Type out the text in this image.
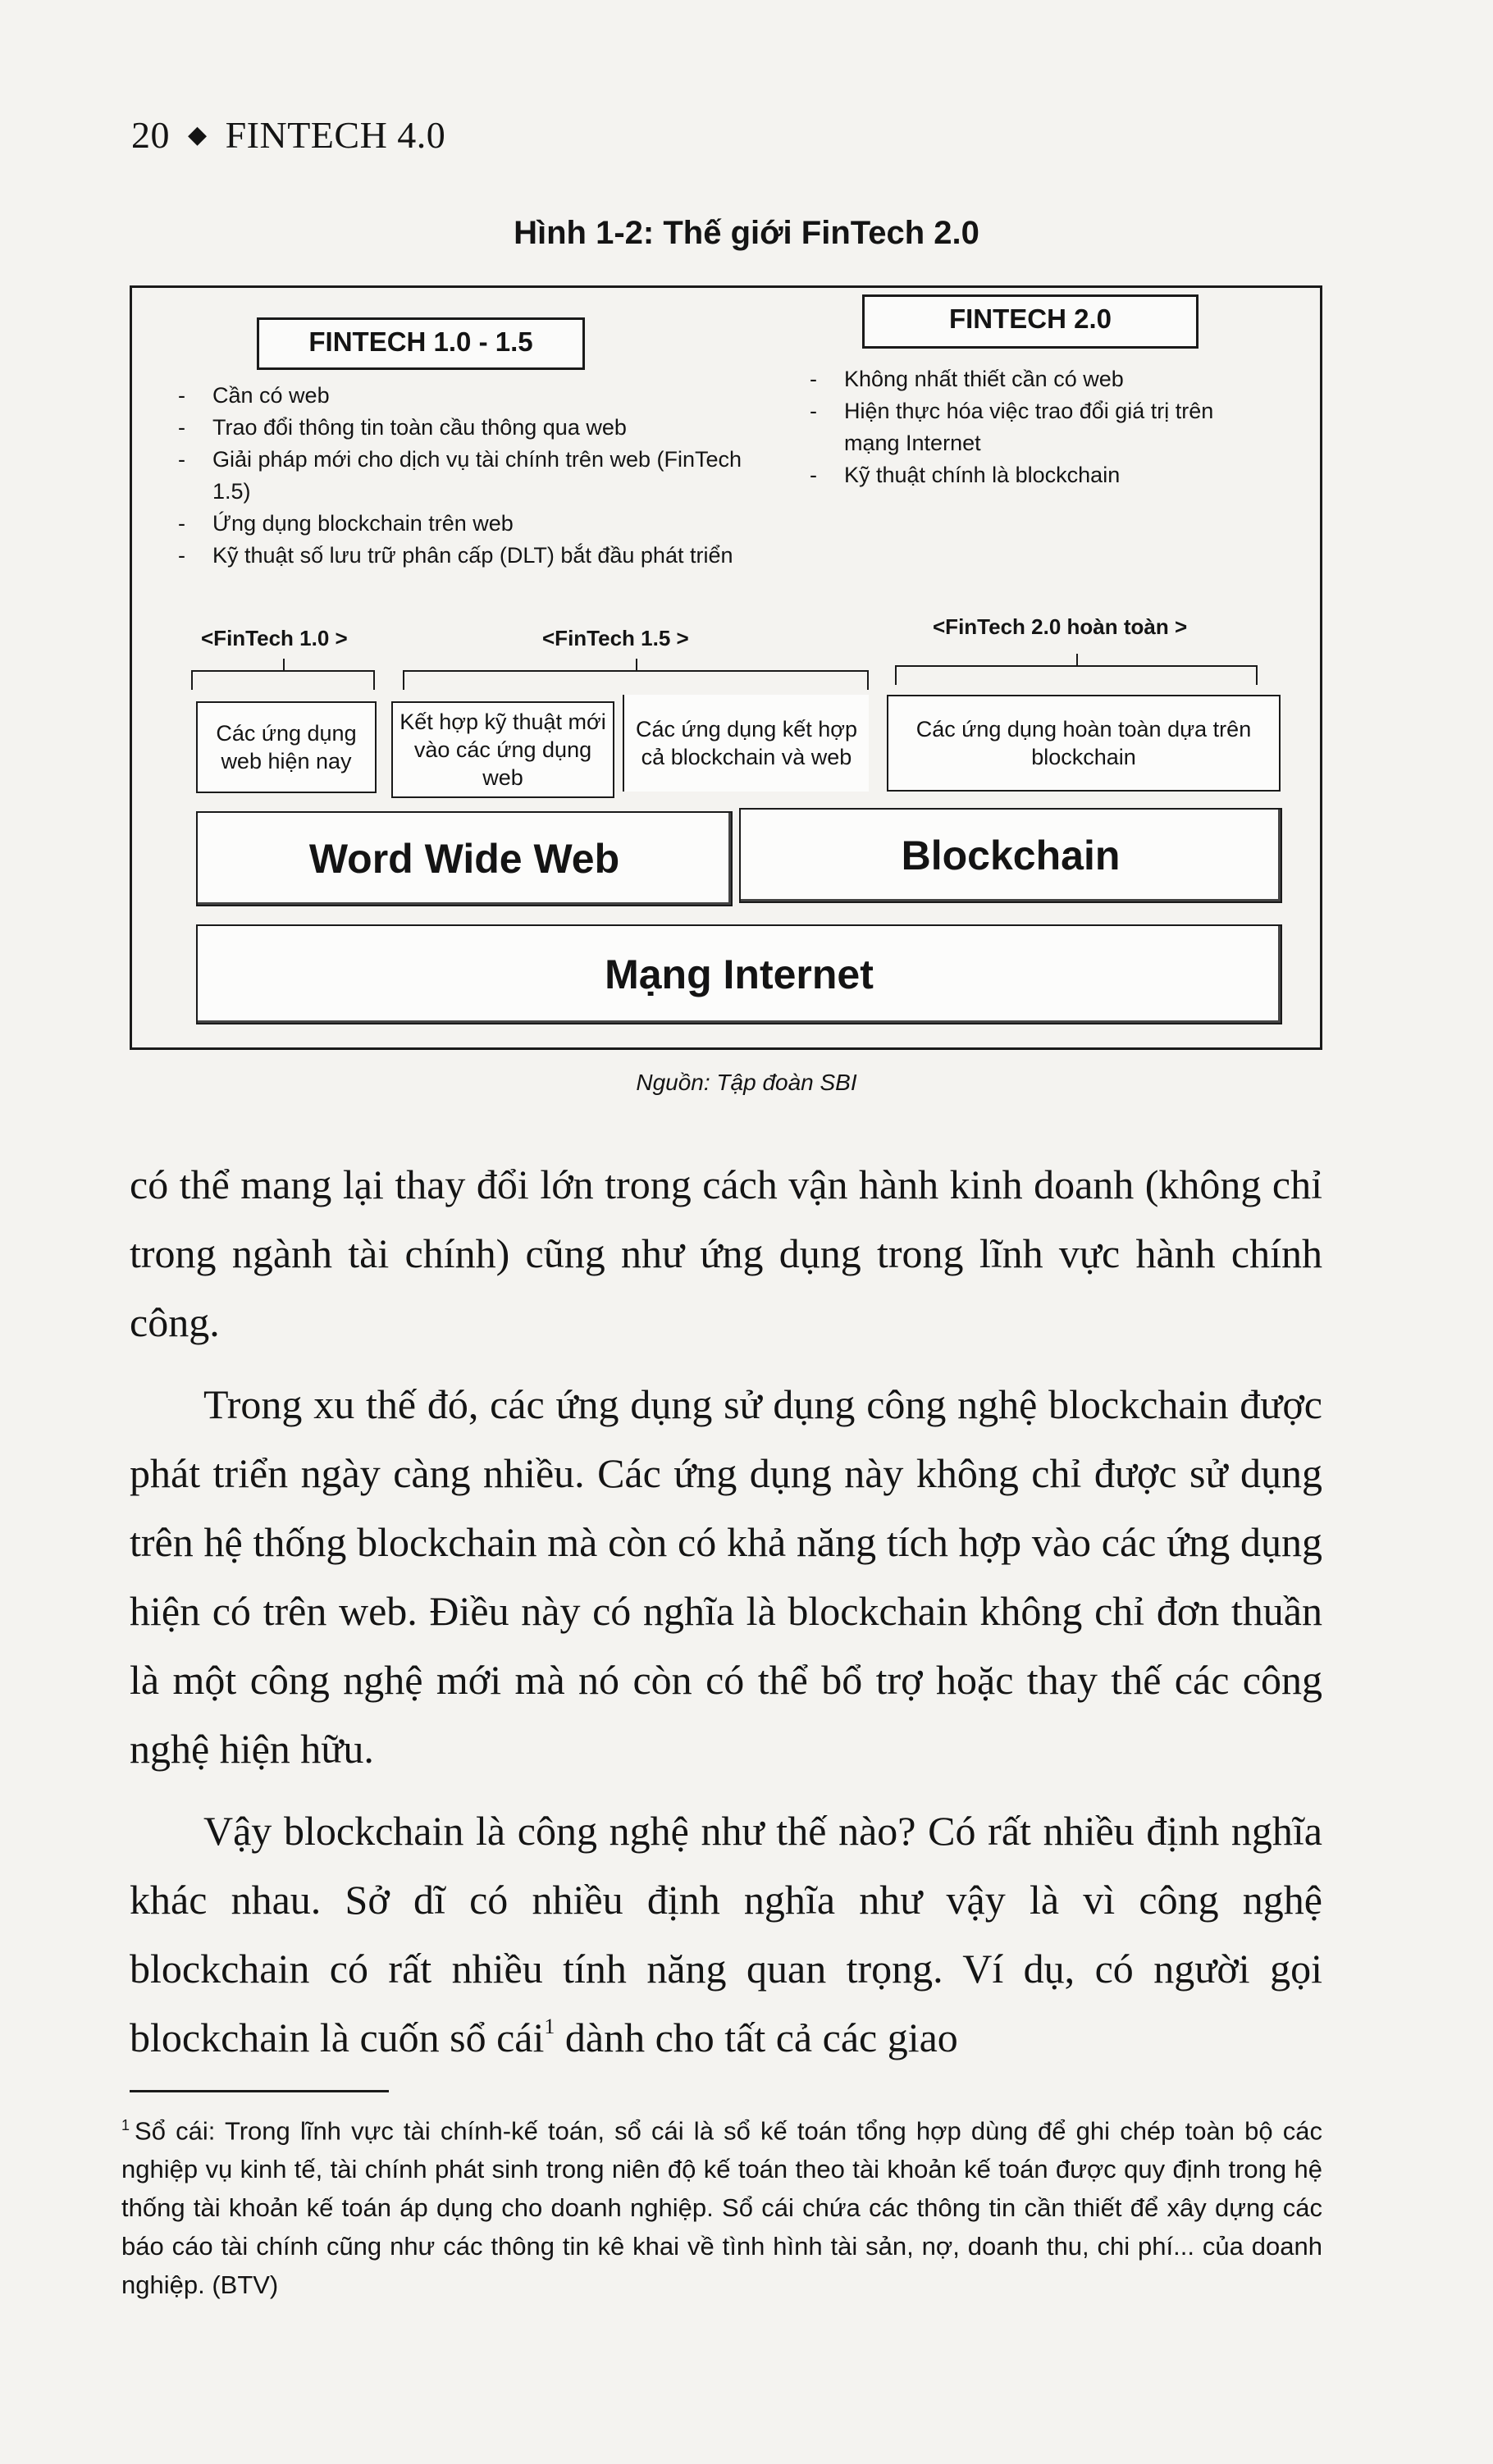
20 ◆ FINTECH 4.0
Hình 1-2: Thế giới FinTech 2.0
FINTECH 1.0 - 1.5
- Cần có web
- Trao đổi thông tin toàn cầu thông qua web
- Giải pháp mới cho dịch vụ tài chính trên web (FinTech 1.5)
- Ứng dụng blockchain trên web
- Kỹ thuật số lưu trữ phân cấp (DLT) bắt đầu phát triển
FINTECH 2.0
- Không nhất thiết cần có web
- Hiện thực hóa việc trao đổi giá trị trên mạng Internet
- Kỹ thuật chính là blockchain
<FinTech 1.0 >	<FinTech 1.5 >	<FinTech 2.0 hoàn toàn >
Các ứng dụng web hiện nay
Kết hợp kỹ thuật mới vào các ứng dụng web
Các ứng dụng kết hợp cả blockchain và web
Các ứng dụng hoàn toàn dựa trên blockchain
Word Wide Web	Blockchain
Mạng Internet
Nguồn: Tập đoàn SBI

có thể mang lại thay đổi lớn trong cách vận hành kinh doanh (không chỉ trong ngành tài chính) cũng như ứng dụng trong lĩnh vực hành chính công.

Trong xu thế đó, các ứng dụng sử dụng công nghệ blockchain được phát triển ngày càng nhiều. Các ứng dụng này không chỉ được sử dụng trên hệ thống blockchain mà còn có khả năng tích hợp vào các ứng dụng hiện có trên web. Điều này có nghĩa là blockchain không chỉ đơn thuần là một công nghệ mới mà nó còn có thể bổ trợ hoặc thay thế các công nghệ hiện hữu.

Vậy blockchain là công nghệ như thế nào? Có rất nhiều định nghĩa khác nhau. Sở dĩ có nhiều định nghĩa như vậy là vì công nghệ blockchain có rất nhiều tính năng quan trọng. Ví dụ, có người gọi blockchain là cuốn sổ cái$^1$ dành cho tất cả các giao

$^1$ Sổ cái: Trong lĩnh vực tài chính-kế toán, sổ cái là sổ kế toán tổng hợp dùng để ghi chép toàn bộ các nghiệp vụ kinh tế, tài chính phát sinh trong niên độ kế toán theo tài khoản kế toán được quy định trong hệ thống tài khoản kế toán áp dụng cho doanh nghiệp. Sổ cái chứa các thông tin cần thiết để xây dựng các báo cáo tài chính cũng như các thông tin kê khai về tình hình tài sản, nợ, doanh thu, chi phí... của doanh nghiệp. (BTV)
